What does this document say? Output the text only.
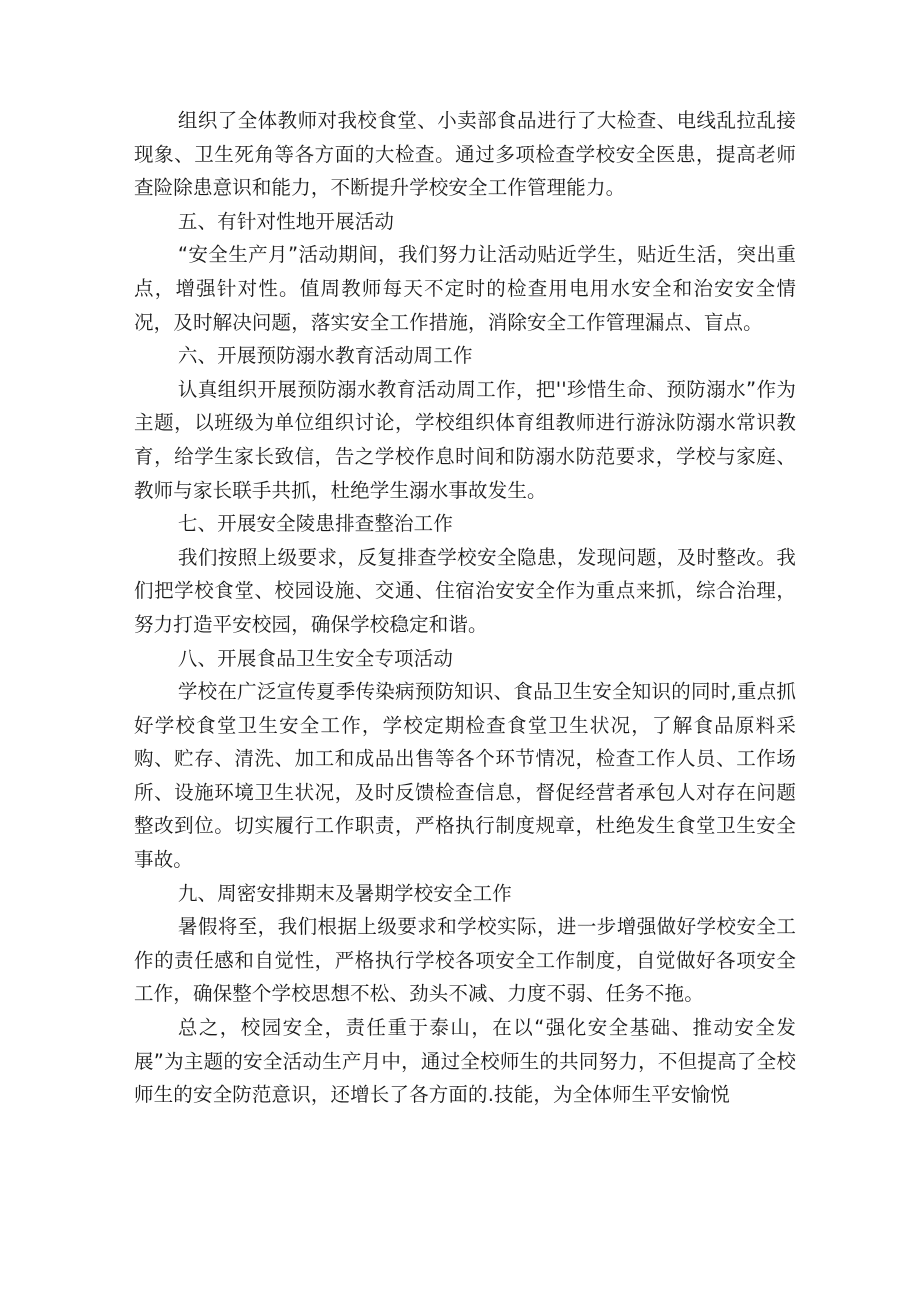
组织了全体教师对我校食堂、小卖部食品进行了大检查、电线乱拉乱接现象、卫生死角等各方面的大检查。通过多项检查学校安全医患，提高老师查险除患意识和能力，不断提升学校安全工作管理能力。

五、有针对性地开展活动

“安全生产月”活动期间，我们努力让活动贴近学生，贴近生活，突出重点，增强针对性。值周教师每天不定时的检查用电用水安全和治安安全情况，及时解决问题，落实安全工作措施，消除安全工作管理漏点、盲点。

六、开展预防溺水教育活动周工作

认真组织开展预防溺水教育活动周工作，把''珍惜生命、预防溺水”作为主题，以班级为单位组织讨论，学校组织体育组教师进行游泳防溺水常识教育，给学生家长致信，告之学校作息时间和防溺水防范要求，学校与家庭、教师与家长联手共抓，杜绝学生溺水事故发生。

七、开展安全陵患排查整治工作

我们按照上级要求，反复排查学校安全隐患，发现问题，及时整改。我们把学校食堂、校园设施、交通、住宿治安安全作为重点来抓，综合治理，努力打造平安校园，确保学校稳定和谐。

八、开展食品卫生安全专项活动

学校在广泛宣传夏季传染病预防知识、食品卫生安全知识的同时,重点抓好学校食堂卫生安全工作，学校定期检查食堂卫生状况，了解食品原料采购、贮存、清洗、加工和成品出售等各个环节情况，检查工作人员、工作场所、设施环境卫生状况，及时反馈检查信息，督促经营者承包人对存在问题整改到位。切实履行工作职责，严格执行制度规章，杜绝发生食堂卫生安全事故。

九、周密安排期末及暑期学校安全工作

暑假将至，我们根据上级要求和学校实际，进一步增强做好学校安全工作的责任感和自觉性，严格执行学校各项安全工作制度，自觉做好各项安全工作，确保整个学校思想不松、劲头不减、力度不弱、任务不拖。

总之，校园安全，责任重于泰山，在以“强化安全基础、推动安全发展”为主题的安全活动生产月中，通过全校师生的共同努力，不但提高了全校师生的安全防范意识，还增长了各方面的.技能，为全体师生平安愉悦
